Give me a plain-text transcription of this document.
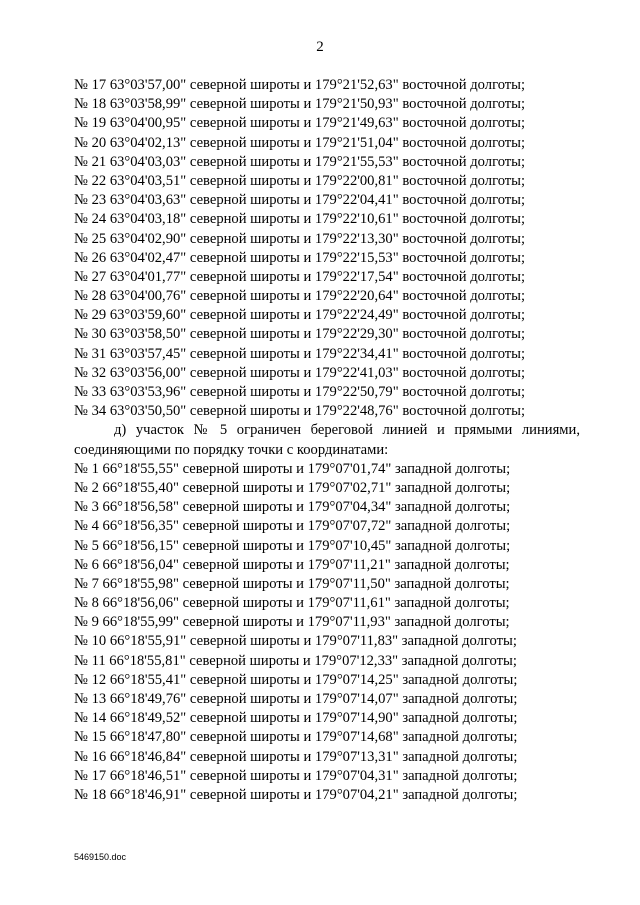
2
№ 17 63°03'57,00" северной широты и 179°21'52,63" восточной долготы;
№ 18 63°03'58,99" северной широты и 179°21'50,93" восточной долготы;
№ 19 63°04'00,95" северной широты и 179°21'49,63" восточной долготы;
№ 20 63°04'02,13" северной широты и 179°21'51,04" восточной долготы;
№ 21 63°04'03,03" северной широты и 179°21'55,53" восточной долготы;
№ 22 63°04'03,51" северной широты и 179°22'00,81" восточной долготы;
№ 23 63°04'03,63" северной широты и 179°22'04,41" восточной долготы;
№ 24 63°04'03,18" северной широты и 179°22'10,61" восточной долготы;
№ 25 63°04'02,90" северной широты и 179°22'13,30" восточной долготы;
№ 26 63°04'02,47" северной широты и 179°22'15,53" восточной долготы;
№ 27 63°04'01,77" северной широты и 179°22'17,54" восточной долготы;
№ 28 63°04'00,76" северной широты и 179°22'20,64" восточной долготы;
№ 29 63°03'59,60" северной широты и 179°22'24,49" восточной долготы;
№ 30 63°03'58,50" северной широты и 179°22'29,30" восточной долготы;
№ 31 63°03'57,45" северной широты и 179°22'34,41" восточной долготы;
№ 32 63°03'56,00" северной широты и 179°22'41,03" восточной долготы;
№ 33 63°03'53,96" северной широты и 179°22'50,79" восточной долготы;
№ 34 63°03'50,50" северной широты и 179°22'48,76" восточной долготы;
д) участок № 5 ограничен береговой линией и прямыми линиями,
соединяющими по порядку точки с координатами:
№ 1 66°18'55,55" северной широты и 179°07'01,74" западной долготы;
№ 2 66°18'55,40" северной широты и 179°07'02,71" западной долготы;
№ 3 66°18'56,58" северной широты и 179°07'04,34" западной долготы;
№ 4 66°18'56,35" северной широты и 179°07'07,72" западной долготы;
№ 5 66°18'56,15" северной широты и 179°07'10,45" западной долготы;
№ 6 66°18'56,04" северной широты и 179°07'11,21" западной долготы;
№ 7 66°18'55,98" северной широты и 179°07'11,50" западной долготы;
№ 8 66°18'56,06" северной широты и 179°07'11,61" западной долготы;
№ 9 66°18'55,99" северной широты и 179°07'11,93" западной долготы;
№ 10 66°18'55,91" северной широты и 179°07'11,83" западной долготы;
№ 11 66°18'55,81" северной широты и 179°07'12,33" западной долготы;
№ 12 66°18'55,41" северной широты и 179°07'14,25" западной долготы;
№ 13 66°18'49,76" северной широты и 179°07'14,07" западной долготы;
№ 14 66°18'49,52" северной широты и 179°07'14,90" западной долготы;
№ 15 66°18'47,80" северной широты и 179°07'14,68" западной долготы;
№ 16 66°18'46,84" северной широты и 179°07'13,31" западной долготы;
№ 17 66°18'46,51" северной широты и 179°07'04,31" западной долготы;
№ 18 66°18'46,91" северной широты и 179°07'04,21" западной долготы;
5469150.doc
